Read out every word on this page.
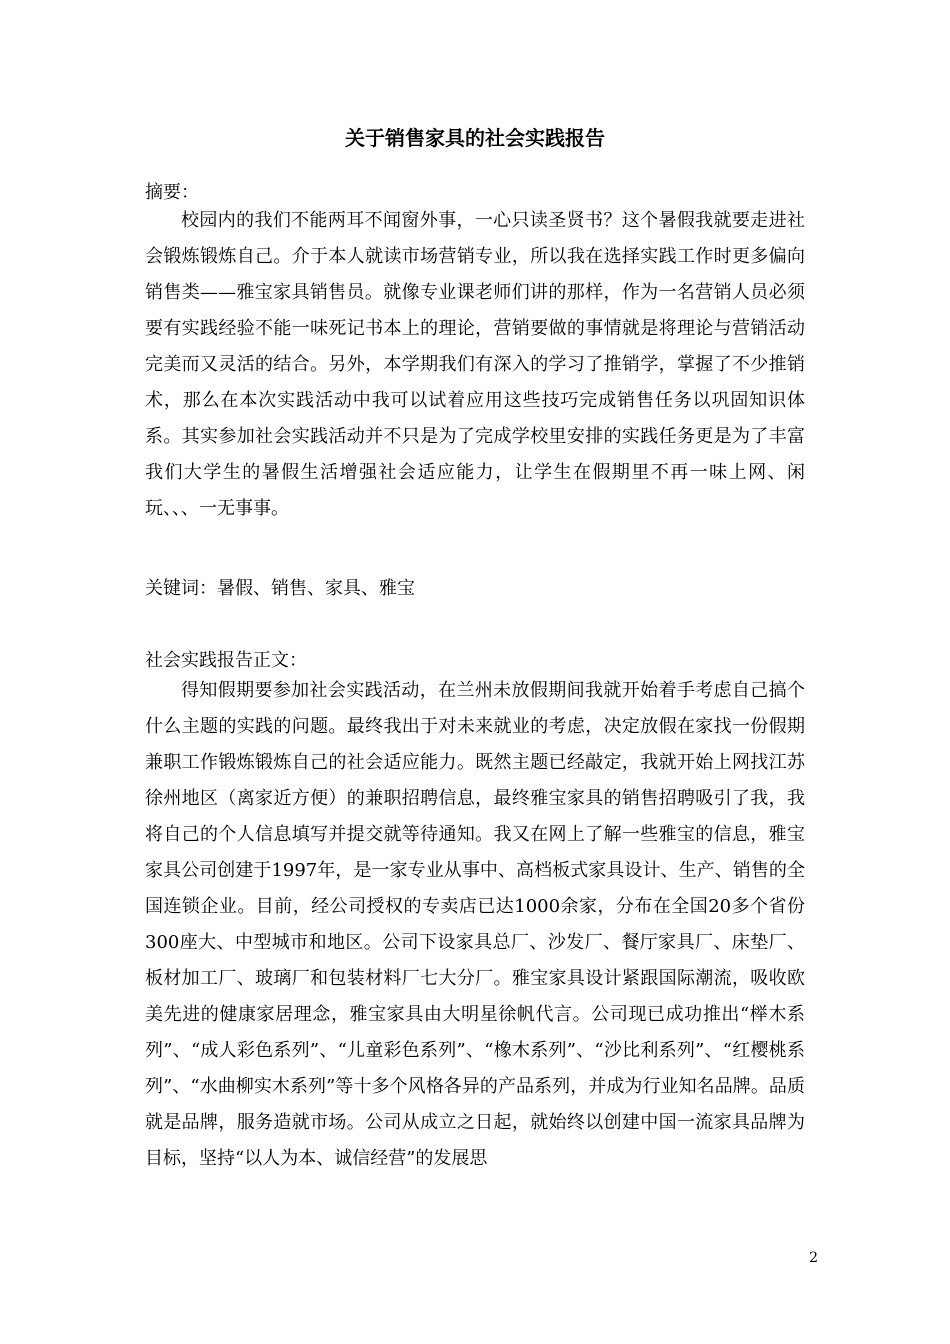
关于销售家具的社会实践报告

摘要：

校园内的我们不能两耳不闻窗外事，一心只读圣贤书？这个暑假我就要走进社会锻炼锻炼自己。介于本人就读市场营销专业，所以我在选择实践工作时更多偏向销售类——雅宝家具销售员。就像专业课老师们讲的那样，作为一名营销人员必须要有实践经验不能一味死记书本上的理论，营销要做的事情就是将理论与营销活动完美而又灵活的结合。另外，本学期我们有深入的学习了推销学，掌握了不少推销术，那么在本次实践活动中我可以试着应用这些技巧完成销售任务以巩固知识体系。其实参加社会实践活动并不只是为了完成学校里安排的实践任务更是为了丰富我们大学生的暑假生活增强社会适应能力，让学生在假期里不再一味上网、闲玩、、、一无事事。

关键词：暑假、销售、家具、雅宝

社会实践报告正文：

得知假期要参加社会实践活动，在兰州未放假期间我就开始着手考虑自己搞个什么主题的实践的问题。最终我出于对未来就业的考虑，决定放假在家找一份假期兼职工作锻炼锻炼自己的社会适应能力。既然主题已经敲定，我就开始上网找江苏徐州地区（离家近方便）的兼职招聘信息，最终雅宝家具的销售招聘吸引了我，我将自己的个人信息填写并提交就等待通知。我又在网上了解一些雅宝的信息，雅宝家具公司创建于1997年，是一家专业从事中、高档板式家具设计、生产、销售的全国连锁企业。目前，经公司授权的专卖店已达1000余家，分布在全国20多个省份300座大、中型城市和地区。公司下设家具总厂、沙发厂、餐厅家具厂、床垫厂、板材加工厂、玻璃厂和包装材料厂七大分厂。雅宝家具设计紧跟国际潮流，吸收欧美先进的健康家居理念，雅宝家具由大明星徐帆代言。公司现已成功推出“榉木系列”、“成人彩色系列”、“儿童彩色系列”、“橡木系列”、“沙比利系列”、“红樱桃系列”、“水曲柳实木系列”等十多个风格各异的产品系列，并成为行业知名品牌。品质就是品牌，服务造就市场。公司从成立之日起，就始终以创建中国一流家具品牌为目标，坚持“以人为本、诚信经营”的发展思

2
